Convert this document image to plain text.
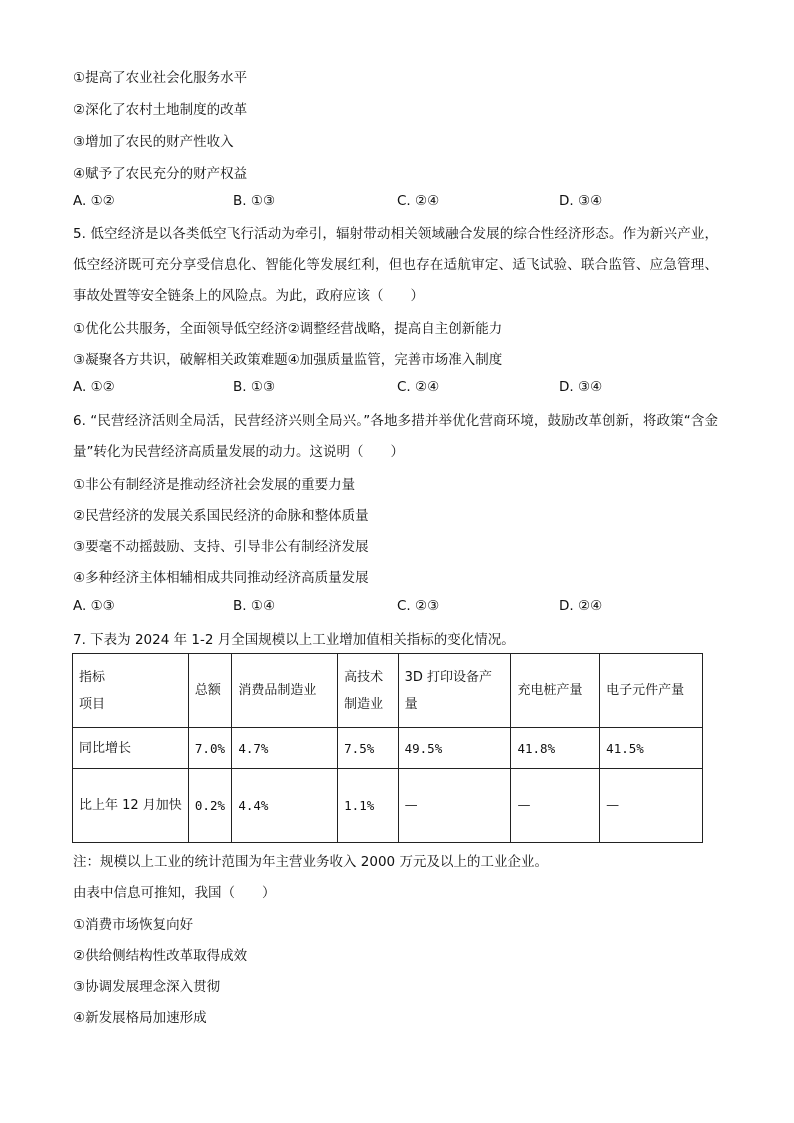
①提高了农业社会化服务水平
②深化了农村土地制度的改革
③增加了农民的财产性收入
④赋予了农民充分的财产权益
A. ①②	B. ①③	C. ②④	D. ③④
5. 低空经济是以各类低空飞行活动为牵引，辐射带动相关领域融合发展的综合性经济形态。作为新兴产业，低空经济既可充分享受信息化、智能化等发展红利，但也存在适航审定、适飞试验、联合监管、应急管理、事故处置等安全链条上的风险点。为此，政府应该（　　）
①优化公共服务，全面领导低空经济②调整经营战略，提高自主创新能力
③凝聚各方共识，破解相关政策难题④加强质量监管，完善市场准入制度
A. ①②	B. ①③	C. ②④	D. ③④
6. “民营经济活则全局活，民营经济兴则全局兴。”各地多措并举优化营商环境，鼓励改革创新，将政策“含金量”转化为民营经济高质量发展的动力。这说明（　　）
①非公有制经济是推动经济社会发展的重要力量
②民营经济的发展关系国民经济的命脉和整体质量
③要毫不动摇鼓励、支持、引导非公有制经济发展
④多种经济主体相辅相成共同推动经济高质量发展
A. ①③	B. ①④	C. ②③	D. ②④
7. 下表为 2024 年 1-2 月全国规模以上工业增加值相关指标的变化情况。
指标
项目	总额	消费品制造业	高技术制造业	3D 打印设备产量	充电桩产量	电子元件产量
同比增长	7.0%	4.7%	7.5%	49.5%	41.8%	41.5%
比上年 12 月加快	0.2%	4.4%	1.1%	—	—	—
注：规模以上工业的统计范围为年主营业务收入 2000 万元及以上的工业企业。
由表中信息可推知，我国（　　）
①消费市场恢复向好
②供给侧结构性改革取得成效
③协调发展理念深入贯彻
④新发展格局加速形成
